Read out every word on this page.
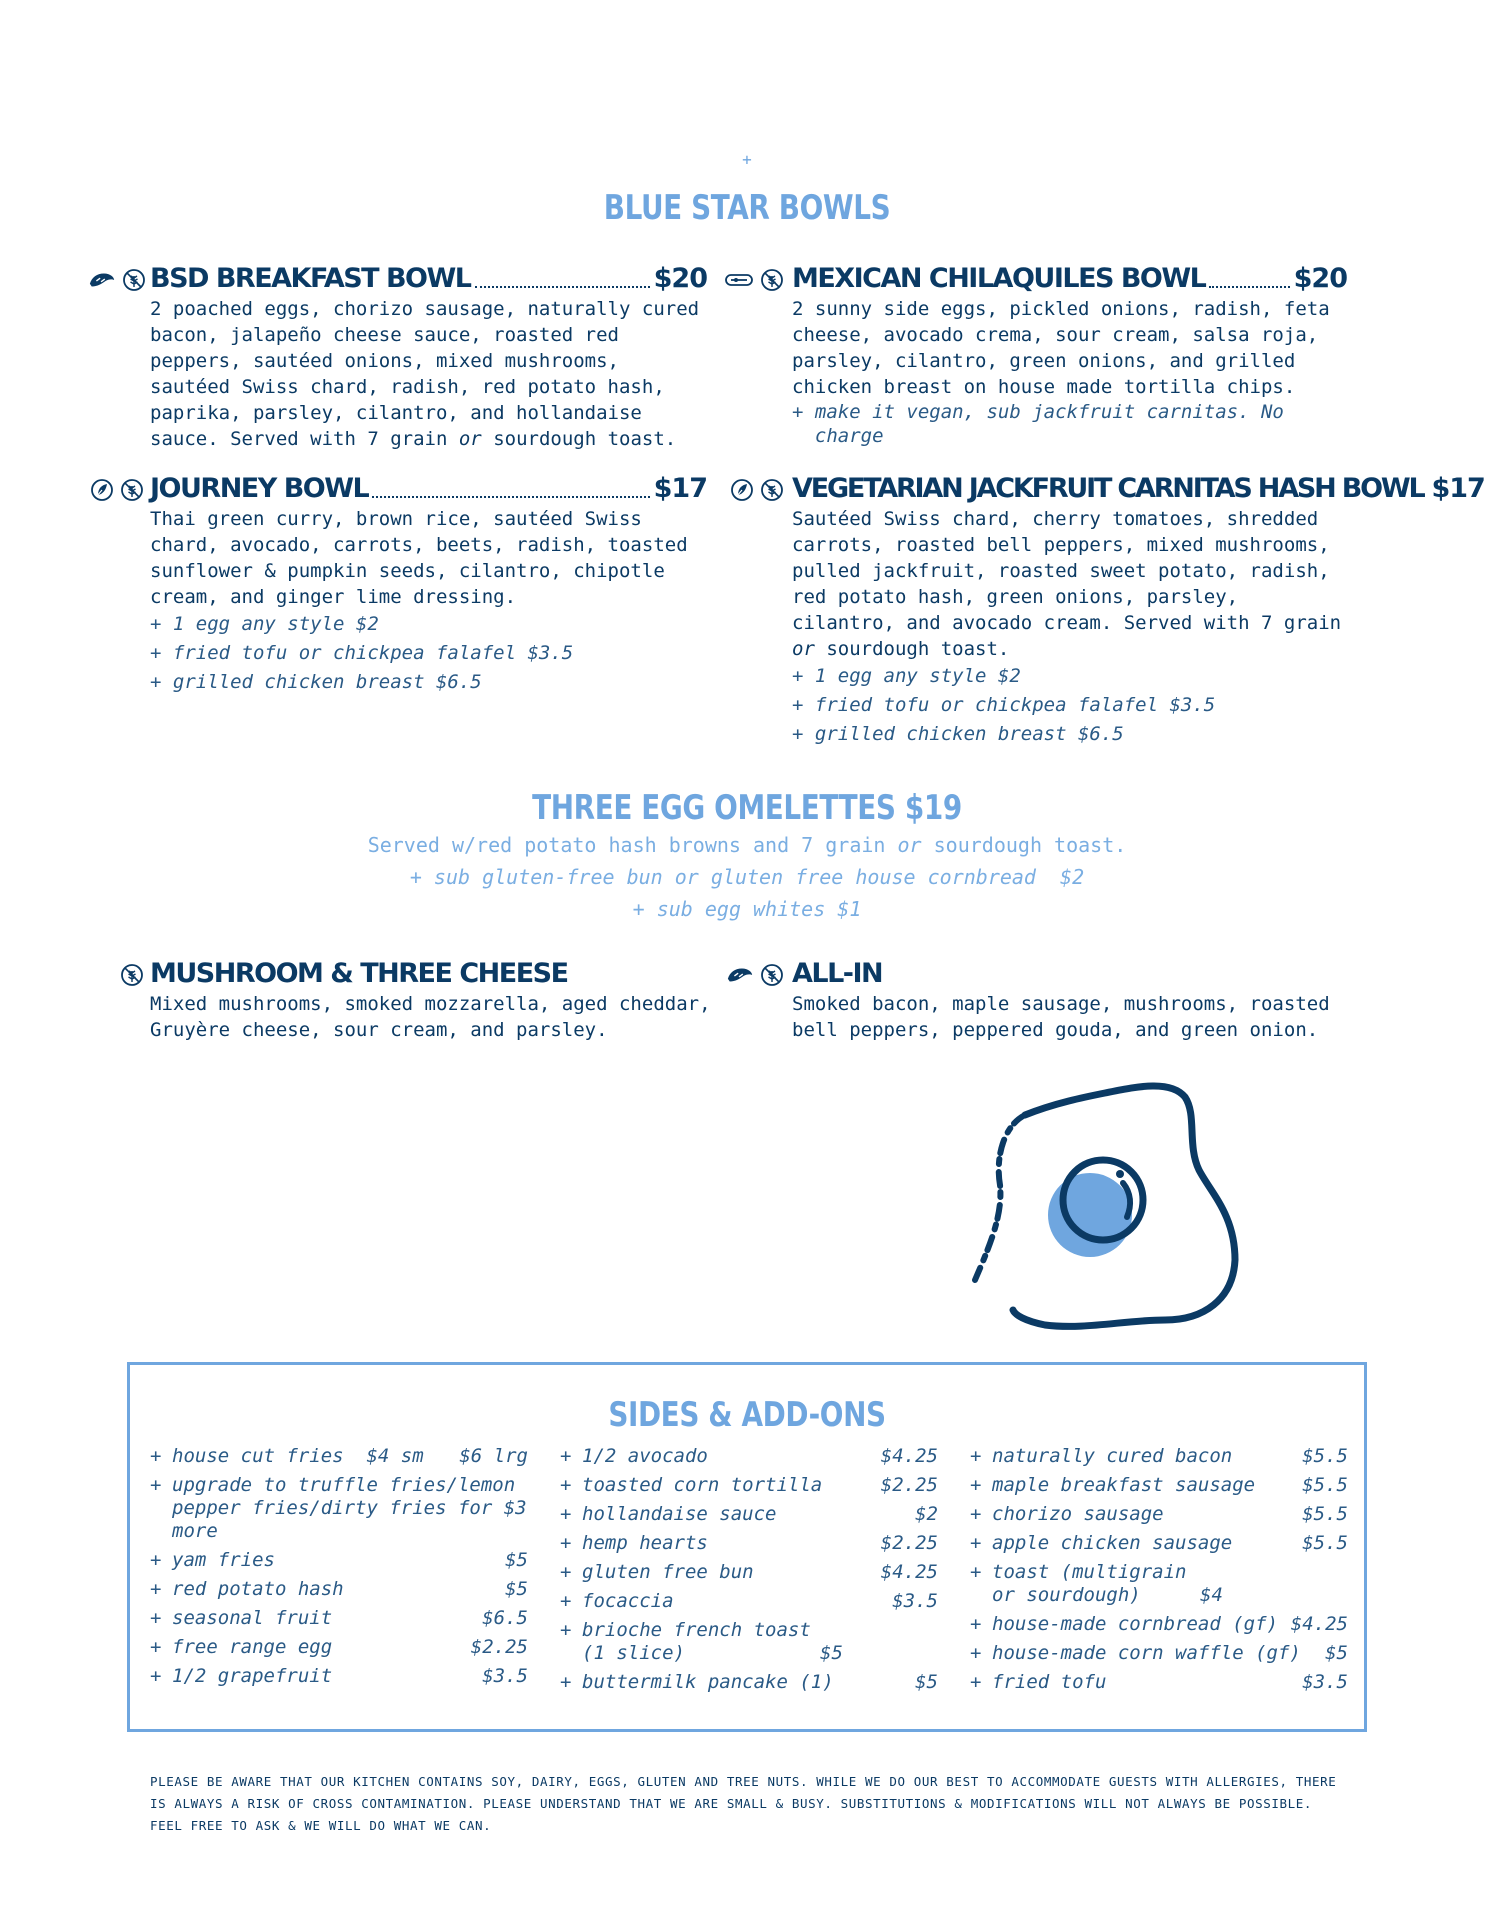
+
BLUE STAR BOWLS
BSD BREAKFAST BOWL	$20
2 poached eggs, chorizo sausage, naturally cured bacon, jalapeño cheese sauce, roasted red peppers, sautéed onions, mixed mushrooms, sautéed Swiss chard, radish, red potato hash, paprika, parsley, cilantro, and hollandaise sauce. Served with 7 grain or sourdough toast.
MEXICAN CHILAQUILES BOWL	$20
2 sunny side eggs, pickled onions, radish, feta cheese, avocado crema, sour cream, salsa roja, parsley, cilantro, green onions, and grilled chicken breast on house made tortilla chips.
+ make it vegan, sub jackfruit carnitas. No
charge
JOURNEY BOWL	$17
Thai green curry, brown rice, sautéed Swiss chard, avocado, carrots, beets, radish, toasted sunflower & pumpkin seeds, cilantro, chipotle cream, and ginger lime dressing.
+ 1 egg any style $2
+ fried tofu or chickpea falafel $3.5
+ grilled chicken breast $6.5
VEGETARIAN JACKFRUIT CARNITAS HASH BOWL $17
Sautéed Swiss chard, cherry tomatoes, shredded carrots, roasted bell peppers, mixed mushrooms, pulled jackfruit, roasted sweet potato, radish, red potato hash, green onions, parsley, cilantro, and avocado cream. Served with 7 grain or sourdough toast.
+ 1 egg any style $2
+ fried tofu or chickpea falafel $3.5
+ grilled chicken breast $6.5
THREE EGG OMELETTES $19
Served w/red potato hash browns and 7 grain or sourdough toast.
+ sub gluten-free bun or gluten free house cornbread  $2
+ sub egg whites $1
MUSHROOM & THREE CHEESE
Mixed mushrooms, smoked mozzarella, aged cheddar, Gruyère cheese, sour cream, and parsley.
ALL-IN
Smoked bacon, maple sausage, mushrooms, roasted bell peppers, peppered gouda, and green onion.
SIDES & ADD-ONS
+ house cut fries  $4 sm	$6 lrg
+ upgrade to truffle fries/lemon pepper fries/dirty fries for $3 more
+ yam fries	$5
+ red potato hash	$5
+ seasonal fruit	$6.5
+ free range egg	$2.25
+ 1/2 grapefruit	$3.5
+ 1/2 avocado	$4.25
+ toasted corn tortilla	$2.25
+ hollandaise sauce	$2
+ hemp hearts	$2.25
+ gluten free bun	$4.25
+ focaccia	$3.5
+ brioche french toast (1 slice)	$5
+ buttermilk pancake (1)	$5
+ naturally cured bacon	$5.5
+ maple breakfast sausage	$5.5
+ chorizo sausage	$5.5
+ apple chicken sausage	$5.5
+ toast (multigrain or sourdough)	$4
+ house-made cornbread (gf) $4.25
+ house-made corn waffle (gf)	$5
+ fried tofu	$3.5
PLEASE BE AWARE THAT OUR KITCHEN CONTAINS SOY, DAIRY, EGGS, GLUTEN AND TREE NUTS. WHILE WE DO OUR BEST TO ACCOMMODATE GUESTS WITH ALLERGIES, THERE IS ALWAYS A RISK OF CROSS CONTAMINATION. PLEASE UNDERSTAND THAT WE ARE SMALL & BUSY. SUBSTITUTIONS & MODIFICATIONS WILL NOT ALWAYS BE POSSIBLE. FEEL FREE TO ASK & WE WILL DO WHAT WE CAN.
